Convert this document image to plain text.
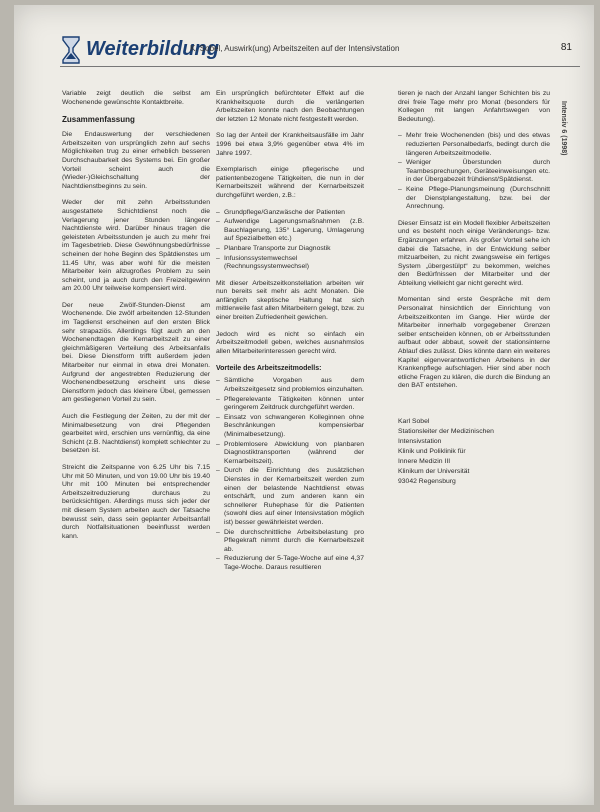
Weiterbildung
K. Sobel, Auswirk(ung) Arbeitszeiten auf der Intensivstation	81
Intensiv 6 (1998)

Variable zeigt deutlich die selbst am Wochenende gewünschte Kontaktbreite.

Zusammenfassung

Die Endauswertung der verschiedenen Arbeitszeiten von ursprünglich zehn auf sechs Möglichkeiten trug zu einer erheblich besseren Durchschaubarkeit des Systems bei. Ein großer Vorteil scheint auch die (Wieder-)Gleichschaltung der Nachtdienstbeginns zu sein.

Weder der mit zehn Arbeitsstunden ausgestattete Schichtdienst noch die Verlagerung jener Stunden längerer Nachtdienste wird. Darüber hinaus tragen die geleisteten Arbeitsstunden je auch zu mehr frei im Tagesbetrieb. Diese Gewöhnungsbedürfnisse scheinen der hohe Beginn des Spätdienstes um 11.45 Uhr, was aber wohl für die meisten Mitarbeiter kein allzugroßes Problem zu sein scheint, und ja auch durch den Freizeitgewinn am 20.00 Uhr teilweise kompensiert wird.

Der neue Zwölf-Stunden-Dienst am Wochenende. Die zwölf arbeitenden 12-Stunden im Tagdienst erscheinen auf den ersten Blick sehr strapaziös. Allerdings fügt auch an den Wochenendtagen die Kernarbeitszeit zu einer gleichmäßigeren Verteilung des Arbeitsanfalls bei. Diese Dienstform trifft außerdem jeden Mitarbeiter nur einmal in etwa drei Monaten. Aufgrund der angestrebten Reduzierung der Wochenendbesetzung erscheint uns diese Dienstform jedoch das kleinere Übel, gemessen am gestiegenen Vorteil zu sein.

Auch die Festlegung der Zeiten, zu der mit der Minimalbesetzung von drei Pflegenden gearbeitet wird, erschien uns vernünftig, da eine Schicht (z.B. Nachtdienst) komplett schlechter zu besetzen ist.

Streicht die Zeitspanne von 6.25 Uhr bis 7.15 Uhr mit 50 Minuten, und von 19.00 Uhr bis 19.40 Uhr mit 100 Minuten bei entsprechender Arbeitszeitreduzierung durchaus zu berücksichtigen. Allerdings muss sich jeder der mit diesem System arbeiten auch der Tatsache bewusst sein, dass sein geplanter Arbeitsanfall durch Notfallsituationen beeinflusst werden kann.

Ein ursprünglich befürchteter Effekt auf die Krankheitsquote durch die verlängerten Arbeitszeiten konnte nach den Beobachtungen der letzten 12 Monate nicht festgestellt werden.

So lag der Anteil der Krankheitsausfälle im Jahr 1996 bei etwa 3,9% gegenüber etwa 4% im Jahre 1997.

Exemplarisch einige pflegerische und patientenbezogene Tätigkeiten, die nun in der Kernarbeitszeit während der Kernarbeitszeit durchgeführt werden, z.B.:

– Grundpflege/Ganzwäsche der Patienten
– Aufwendige Lagerungsmaßnahmen (z.B. Bauchlagerung, 135° Lagerung, Umlagerung auf Spezialbetten etc.)
– Planbare Transporte zur Diagnostik
– Infusionssystemwechsel (Rechnungssystemwechsel)

Mit dieser Arbeitszeitkonstellation arbeiten wir nun bereits seit mehr als acht Monaten. Die anfänglich skeptische Haltung hat sich mittlerweile fast allen Mitarbeitern gelegt, bzw. zu einer breiten Zufriedenheit gewichen.

Jedoch wird es nicht so einfach ein Arbeitszeitmodell geben, welches ausnahmslos allen Mitarbeiterinteressen gerecht wird.

Vorteile des Arbeitszeitmodells:
– Sämtliche Vorgaben aus dem Arbeitszeitgesetz sind problemlos einzuhalten.
– Pflegerelevante Tätigkeiten können unter geringerem Zeitdruck durchgeführt werden.
– Einsatz von schwangeren Kolleginnen ohne Beschränkungen kompensierbar (Minimalbesetzung).
– Problemlosere Abwicklung von planbaren Diagnostiktransporten (während der Kernarbeitszeit).
– Durch die Einrichtung des zusätzlichen Dienstes in der Kernarbeitszeit werden zum einen der belastende Nachtdienst etwas entschärft, und zum anderen kann ein schnellerer Ruhephase für die Patienten (sowohl dies auf einer Intensivstation möglich ist) besser gewährleistet werden.
– Die durchschnittliche Arbeitsbelastung pro Pflegekraft nimmt durch die Kernarbeitszeit ab.
– Reduzierung der 5-Tage-Woche auf eine 4,37 Tage-Woche. Daraus resultieren

tieren je nach der Anzahl langer Schichten bis zu drei freie Tage mehr pro Monat (besonders für Kollegen mit langen Anfahrtswegen von Bedeutung).

– Mehr freie Wochenenden (bis) und des etwas reduzierten Personalbedarfs, bedingt durch die längeren Arbeitszeitmodelle.
– Weniger Überstunden durch Teambesprechungen, Geräteeinweisungen etc. in der Übergabezeit frühdienst/Spätdienst.
– Keine Pflege-Planungsmeinung (Durchschnitt der Dienstplangestaltung, bzw. bei der Anrechnung.

Dieser Einsatz ist ein Modell flexibler Arbeitszeiten und es besteht noch einige Veränderungs- bzw. Ergänzungen erfahren. Als großer Vorteil sehe ich dabei die Tatsache, in der Entwicklung selber mitzuarbeiten, zu nicht zwangsweise ein fertiges System „übergestülpt“ zu bekommen, welches den Bedürfnissen der Mitarbeiter und der Abteilung vielleicht gar nicht gerecht wird.

Momentan sind erste Gespräche mit dem Personalrat hinsichtlich der Einrichtung von Arbeitszeitkonten im Gange. Hier würde der Mitarbeiter innerhalb vorgegebener Grenzen selber entscheiden können, ob er Arbeitsstunden aufbaut oder abbaut, soweit der stationsinterne Ablauf dies zulässt. Dies könnte dann ein weiteres Kapitel eigenverantwortlichen Arbeitens in der Krankenpflege aufschlagen. Hier sind aber noch etliche Fragen zu klären, die durch die Bindung an den BAT entstehen.

Karl Sobel
Stationsleiter der Medizinischen
Intensivstation
Klinik und Poliklinik für
Innere Medizin III
Klinikum der Universität
93042 Regensburg
